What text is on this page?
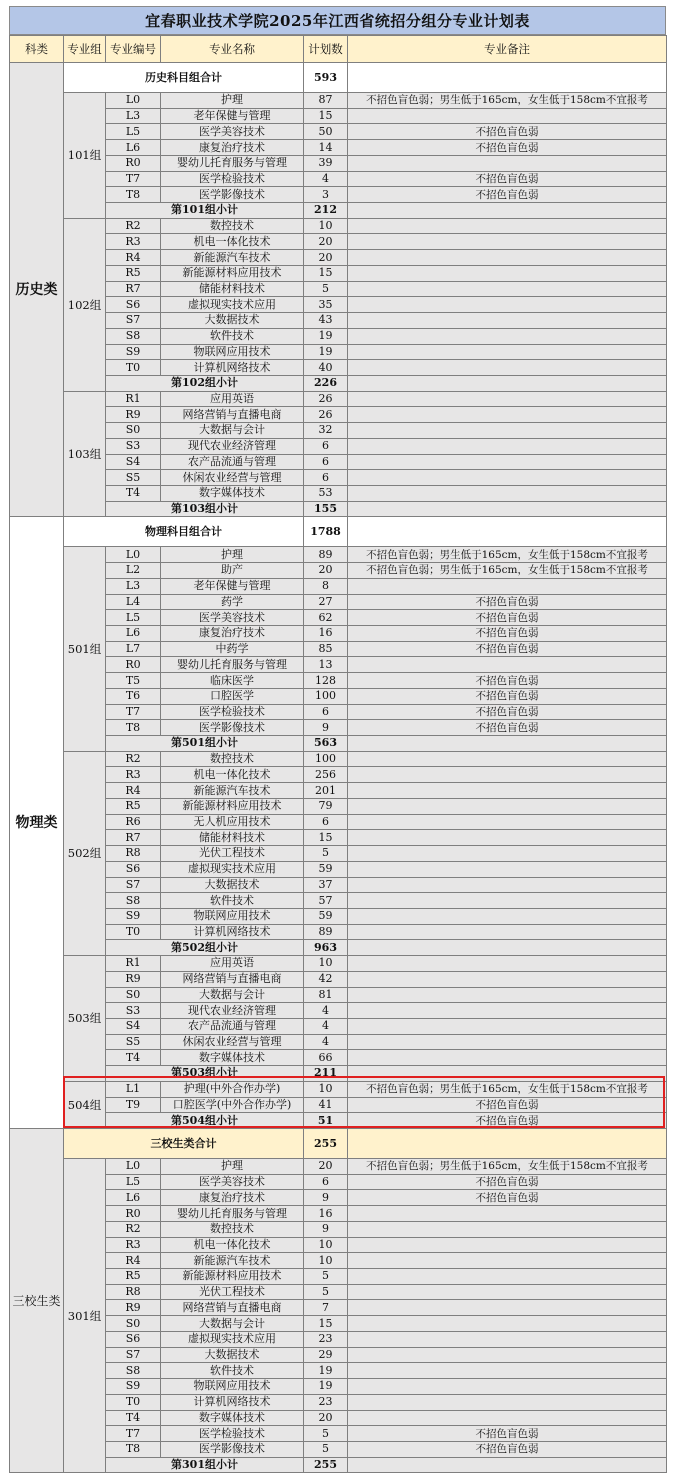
宜春职业技术学院2025年江西省统招分组分专业计划表
科类	专业组	专业编号	专业名称	计划数	专业备注
历史类	历史科目组合计			593	
	101组	L0	护理	87	不招色盲色弱；男生低于165cm，女生低于158cm不宜报考
		L3	老年保健与管理	15	
		L5	医学美容技术	50	不招色盲色弱
		L6	康复治疗技术	14	不招色盲色弱
		R0	婴幼儿托育服务与管理	39	
		T7	医学检验技术	4	不招色盲色弱
		T8	医学影像技术	3	不招色盲色弱
		第101组小计		212	
	102组	R2	数控技术	10	
		R3	机电一体化技术	20	
		R4	新能源汽车技术	20	
		R5	新能源材料应用技术	15	
		R7	储能材料技术	5	
		S6	虚拟现实技术应用	35	
		S7	大数据技术	43	
		S8	软件技术	19	
		S9	物联网应用技术	19	
		T0	计算机网络技术	40	
		第102组小计		226	
	103组	R1	应用英语	26	
		R9	网络营销与直播电商	26	
		S0	大数据与会计	32	
		S3	现代农业经济管理	6	
		S4	农产品流通与管理	6	
		S5	休闲农业经营与管理	6	
		T4	数字媒体技术	53	
		第103组小计		155	
物理类	物理科目组合计			1788	
	501组	L0	护理	89	不招色盲色弱；男生低于165cm，女生低于158cm不宜报考
		L2	助产	20	不招色盲色弱；男生低于165cm，女生低于158cm不宜报考
		L3	老年保健与管理	8	
		L4	药学	27	不招色盲色弱
		L5	医学美容技术	62	不招色盲色弱
		L6	康复治疗技术	16	不招色盲色弱
		L7	中药学	85	不招色盲色弱
		R0	婴幼儿托育服务与管理	13	
		T5	临床医学	128	不招色盲色弱
		T6	口腔医学	100	不招色盲色弱
		T7	医学检验技术	6	不招色盲色弱
		T8	医学影像技术	9	不招色盲色弱
		第501组小计		563	
	502组	R2	数控技术	100	
		R3	机电一体化技术	256	
		R4	新能源汽车技术	201	
		R5	新能源材料应用技术	79	
		R6	无人机应用技术	6	
		R7	储能材料技术	15	
		R8	光伏工程技术	5	
		S6	虚拟现实技术应用	59	
		S7	大数据技术	37	
		S8	软件技术	57	
		S9	物联网应用技术	59	
		T0	计算机网络技术	89	
		第502组小计		963	
	503组	R1	应用英语	10	
		R9	网络营销与直播电商	42	
		S0	大数据与会计	81	
		S3	现代农业经济管理	4	
		S4	农产品流通与管理	4	
		S5	休闲农业经营与管理	4	
		T4	数字媒体技术	66	
		第503组小计		211	
	504组	L1	护理(中外合作办学)	10	不招色盲色弱；男生低于165cm，女生低于158cm不宜报考
		T9	口腔医学(中外合作办学)	41	不招色盲色弱
		第504组小计		51	不招色盲色弱
三校生类	三校生类合计			255	
	301组	L0	护理	20	不招色盲色弱；男生低于165cm，女生低于158cm不宜报考
		L5	医学美容技术	6	不招色盲色弱
		L6	康复治疗技术	9	不招色盲色弱
		R0	婴幼儿托育服务与管理	16	
		R2	数控技术	9	
		R3	机电一体化技术	10	
		R4	新能源汽车技术	10	
		R5	新能源材料应用技术	5	
		R8	光伏工程技术	5	
		R9	网络营销与直播电商	7	
		S0	大数据与会计	15	
		S6	虚拟现实技术应用	23	
		S7	大数据技术	29	
		S8	软件技术	19	
		S9	物联网应用技术	19	
		T0	计算机网络技术	23	
		T4	数字媒体技术	20	
		T7	医学检验技术	5	不招色盲色弱
		T8	医学影像技术	5	不招色盲色弱
		第301组小计		255	
